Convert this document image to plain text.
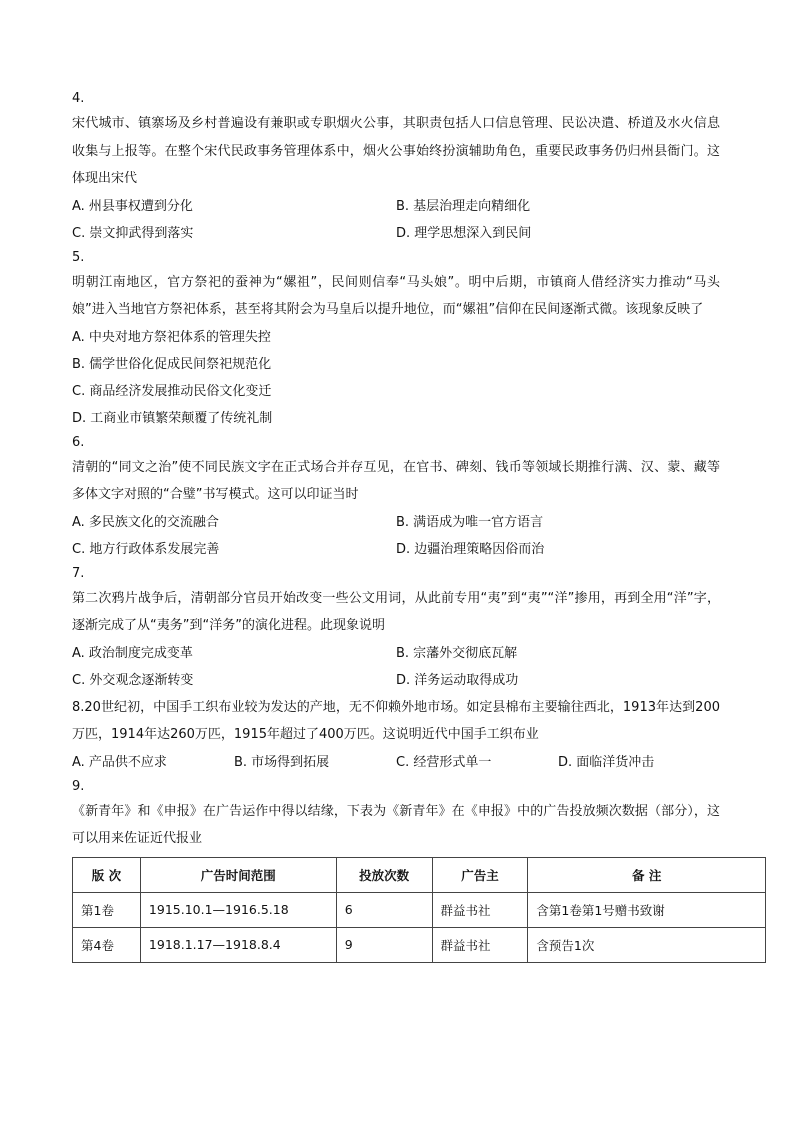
4.
宋代城市、镇寨场及乡村普遍设有兼职或专职烟火公事，其职责包括人口信息管理、民讼决遣、桥道及水火信息收集与上报等。在整个宋代民政事务管理体系中，烟火公事始终扮演辅助角色，重要民政事务仍归州县衙门。这体现出宋代
A. 州县事权遭到分化	B. 基层治理走向精细化
C. 崇文抑武得到落实	D. 理学思想深入到民间
5.
明朝江南地区，官方祭祀的蚕神为“嫘祖”，民间则信奉“马头娘”。明中后期，市镇商人借经济实力推动“马头娘”进入当地官方祭祀体系，甚至将其附会为马皇后以提升地位，而“嫘祖”信仰在民间逐渐式微。该现象反映了
A. 中央对地方祭祀体系的管理失控
B. 儒学世俗化促成民间祭祀规范化
C. 商品经济发展推动民俗文化变迁
D. 工商业市镇繁荣颠覆了传统礼制
6.
清朝的“同文之治”使不同民族文字在正式场合并存互见，在官书、碑刻、钱币等领域长期推行满、汉、蒙、藏等多体文字对照的“合璧”书写模式。这可以印证当时
A. 多民族文化的交流融合	B. 满语成为唯一官方语言
C. 地方行政体系发展完善	D. 边疆治理策略因俗而治
7.
第二次鸦片战争后，清朝部分官员开始改变一些公文用词，从此前专用“夷”到“夷”“洋”掺用，再到全用“洋”字，逐渐完成了从“夷务”到“洋务”的演化进程。此现象说明
A. 政治制度完成变革	B. 宗藩外交彻底瓦解
C. 外交观念逐渐转变	D. 洋务运动取得成功
8.20世纪初，中国手工织布业较为发达的产地，无不仰赖外地市场。如定县棉布主要输往西北，1913年达到200万匹，1914年达260万匹，1915年超过了400万匹。这说明近代中国手工织布业
A. 产品供不应求	B. 市场得到拓展	C. 经营形式单一	D. 面临洋货冲击
9.
《新青年》和《申报》在广告运作中得以结缘，下表为《新青年》在《申报》中的广告投放频次数据（部分），这可以用来佐证近代报业
版 次	广告时间范围	投放次数	广告主	备 注
第1卷	1915.10.1—1916.5.18	6	群益书社	含第1卷第1号赠书致谢
第4卷	1918.1.17—1918.8.4	9	群益书社	含预告1次
